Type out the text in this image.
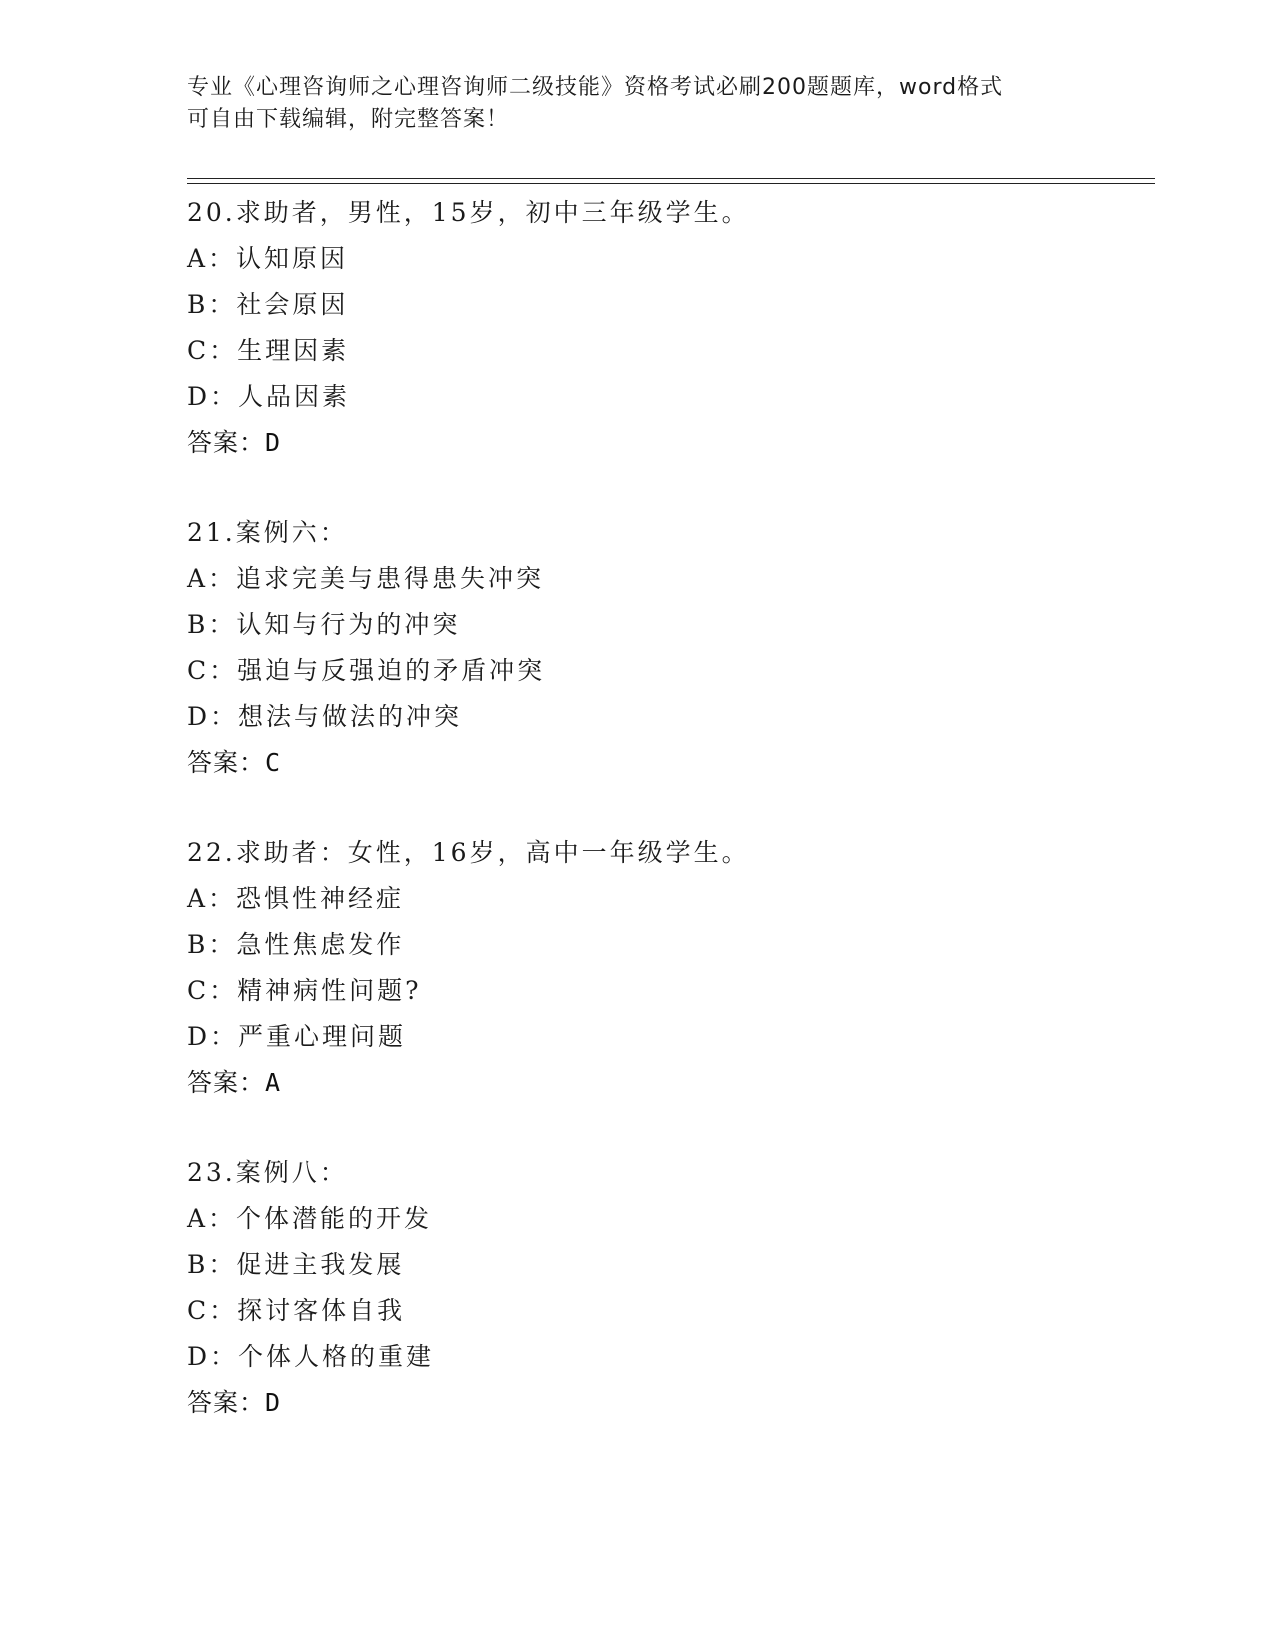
专业《心理咨询师之心理咨询师二级技能》资格考试必刷200题题库，word格式
可自由下载编辑，附完整答案！
20.求助者，男性，15岁，初中三年级学生。
A：认知原因
B：社会原因
C：生理因素
D：人品因素
答案：D
21.案例六：
A：追求完美与患得患失冲突
B：认知与行为的冲突
C：强迫与反强迫的矛盾冲突
D：想法与做法的冲突
答案：C
22.求助者：女性，16岁，高中一年级学生。
A：恐惧性神经症
B：急性焦虑发作
C：精神病性问题?
D：严重心理问题
答案：A
23.案例八：
A：个体潜能的开发
B：促进主我发展
C：探讨客体自我
D：个体人格的重建
答案：D
